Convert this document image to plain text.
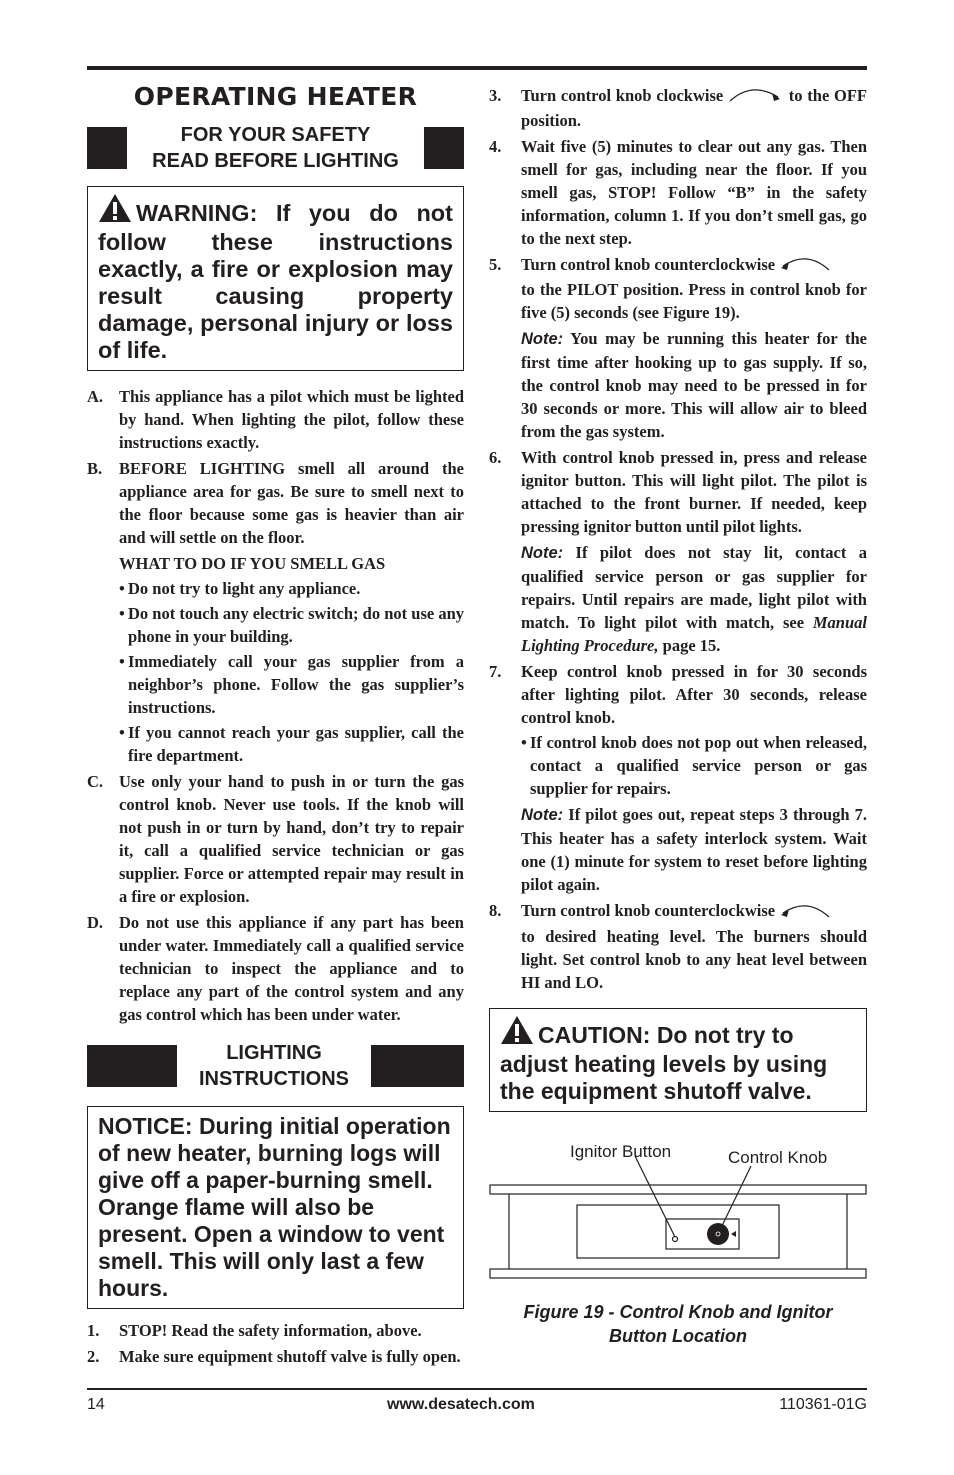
OPERATING HEATER
FOR YOUR SAFETY
READ BEFORE LIGHTING
WARNING: If you do not follow these instructions exactly, a fire or explosion may result causing property damage, personal injury or loss of life.
A. This appliance has a pilot which must be lighted by hand. When lighting the pilot, follow these instructions exactly.
B.	BEFORE LIGHTING smell all around the appliance area for gas. Be sure to smell next to the floor because some gas is heavier than air and will settle on the floor.
WHAT TO DO IF YOU SMELL GAS
• Do not try to light any appliance.
• Do not touch any electric switch; do not use any phone in your building.
• Immediately call your gas supplier from a neighbor’s phone. Follow the gas supplier’s instructions.
• If you cannot reach your gas supplier, call the fire department.
C. Use only your hand to push in or turn the gas control knob. Never use tools. If the knob will not push in or turn by hand, don’t try to repair it, call a qualified service technician or gas supplier. Force or attempted repair may result in a fire or explosion.
D. Do not use this appliance if any part has been under water. Immediately call a qualified service technician to inspect the appliance and to replace any part of the control system and any gas control which has been under water.
LIGHTING
INSTRUCTIONS
NOTICE: During initial operation of new heater, burning logs will give off a paper-burning smell. Orange flame will also be present. Open a window to vent smell. This will only last a few hours.
1.	STOP! Read the safety information, above.
2.	Make sure equipment shutoff valve is fully open.
3.	Turn control knob clockwise	to the OFF position.
4.	Wait five (5) minutes to clear out any gas. Then smell for gas, including near the floor. If you smell gas, STOP! Follow “B” in the safety information, column 1. If you don’t smell gas, go to the next step.
5.	Turn control knob counterclockwise
to the PILOT position. Press in control knob for five (5) seconds (see Figure 19).
Note: You may be running this heater for the first time after hooking up to gas supply. If so, the control knob may need to be pressed in for 30 seconds or more. This will allow air to bleed from the gas system.
6.	With control knob pressed in, press and release ignitor button. This will light pilot. The pilot is attached to the front burner. If needed, keep pressing ignitor button until pilot lights.
Note: If pilot does not stay lit, contact a qualified service person or gas supplier for repairs. Until repairs are made, light pilot with match. To light pilot with match, see Manual Lighting Procedure, page 15.
7.	Keep control knob pressed in for 30 seconds after lighting pilot. After 30 seconds, release control knob.
• If control knob does not pop out when released, contact a qualified service person or gas supplier for repairs.
Note: If pilot goes out, repeat steps 3 through 7. This heater has a safety interlock system. Wait one (1) minute for system to reset before lighting pilot again.
8.	Turn control knob counterclockwise
to desired heating level. The burners should light. Set control knob to any heat level between HI and LO.
CAUTION: Do not try to adjust heating levels by using the equipment shutoff valve.
Ignitor Button	Control Knob
Figure 19 - Control Knob and Ignitor
Button Location
14	www.desatech.com	110361-01G
